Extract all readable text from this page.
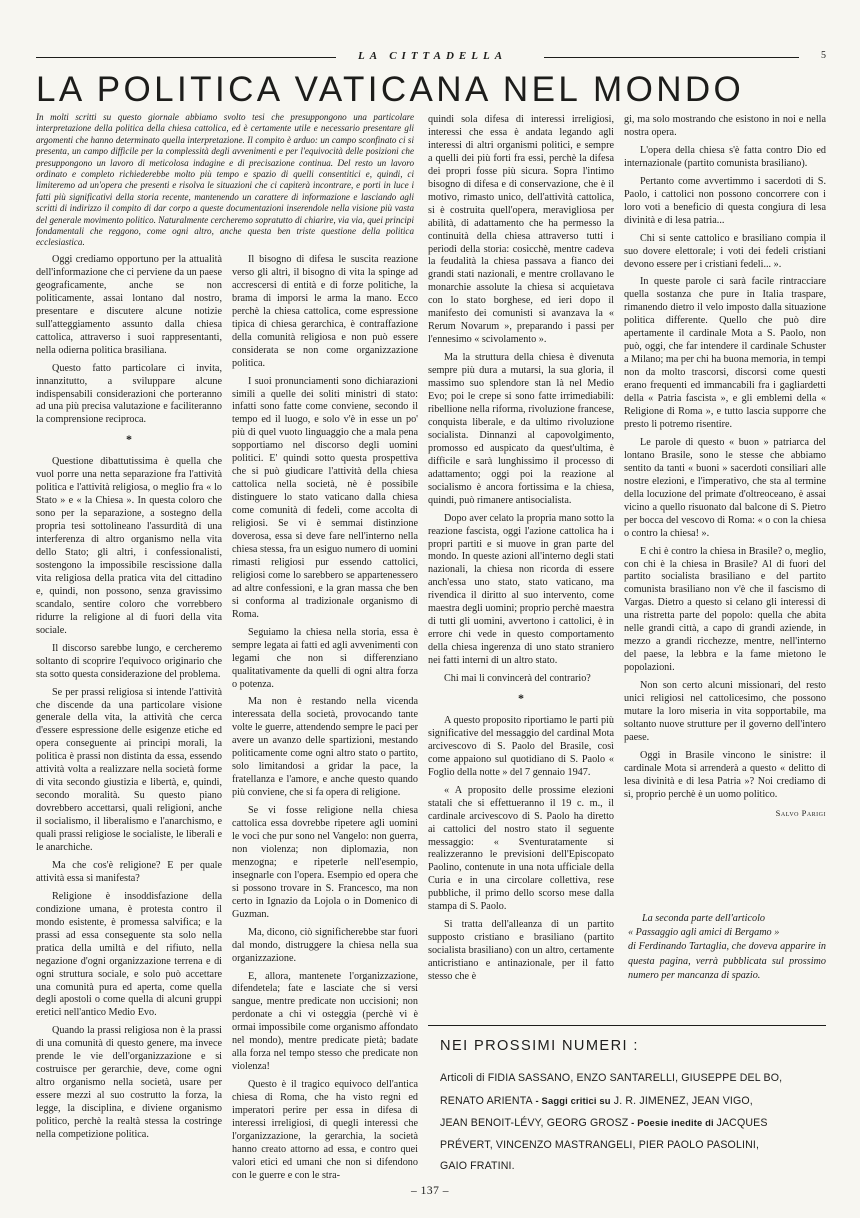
LA CITTADELLA	5
LA POLITICA VATICANA NEL MONDO
In molti scritti su questo giornale abbiamo svolto tesi che presuppongono una particolare interpretazione della politica della chiesa cattolica, ed è certamente utile e necessario presentare gli argomenti che hanno determinato quella interpretazione. Il compito è arduo: un campo sconfinato ci si presenta, un campo difficile per la complessità degli avvenimenti e per l'equivocità delle posizioni che presuppongono un lavoro di meticolosa indagine e di precisazione continua. Del resto un lavoro ordinato e completo richiederebbe molto più tempo e spazio di quelli consentitici e, quindi, ci limiteremo ad un'opera che presenti e risolva le situazioni che ci capiterà incontrare, e porti in luce i fatti più significativi della storia recente, mantenendo un carattere di informazione e lasciando agli scritti di indirizzo il compito di dar corpo a queste documentazioni inserendole nella visione più vasta del generale movimento politico. Naturalmente cercheremo sopratutto di chiarire, via via, quei principi fondamentali che reggono, come ogni altro, anche questa ben triste questione della politica ecclesiastica.

Oggi crediamo opportuno per la attualità dell'informazione che ci perviene da un paese geograficamente, anche se non politicamente, assai lontano dal nostro, presentare e discutere alcune notizie sull'atteggiamento assunto dalla chiesa cattolica, attraverso i suoi rappresentanti, nella odierna politica brasiliana.

Questo fatto particolare ci invita, innanzitutto, a sviluppare alcune indispensabili considerazioni che porteranno ad una più precisa valutazione e faciliteranno la comprensione reciproca.

*

Questione dibattutissima è quella che vuol porre una netta separazione fra l'attività politica e l'attività religiosa, o meglio fra « lo Stato » e « la Chiesa ». In questa coloro che sono per la separazione, a sostegno della propria tesi sottolineano l'assurdità di una interferenza di altro organismo nella vita dello Stato; gli altri, i confessionalisti, sostengono la impossibile rescissione dalla vita religiosa della pratica vita del cittadino e, quindi, non possono, senza gravissimo scandalo, sentire coloro che vorrebbero ridurre la religione al di fuori della vita sociale.

Il discorso sarebbe lungo, e cercheremo soltanto di scoprire l'equivoco originario che sta sotto questa considerazione del problema.

Se per prassi religiosa si intende l'attività che discende da una particolare visione generale della vita, la attività che cerca d'essere espressione delle esigenze etiche ed opera conseguente ai principi morali, la politica è prassi non distinta da essa, essendo attività volta a realizzare nella società forme di vita secondo giustizia e libertà, e, quindi, secondo moralità. Su questo piano dovrebbero accettarsi, quali religioni, anche il socialismo, il liberalismo e l'anarchismo, e quali prassi religiose le socialiste, le liberali e le anarchiche.

Ma che cos'è religione? E per quale attività essa si manifesta?

Religione è insoddisfazione della condizione umana, è protesta contro il mondo esistente, è promessa salvifica; e la prassi ad essa conseguente sta solo nella pratica della umiltà e del rifiuto, nella negazione d'ogni organizzazione terrena e di ogni struttura sociale, e solo può accettare una comunità pura ed aperta, come quella degli apostoli o come quella di alcuni gruppi eretici nell'antico Medio Evo.

Quando la prassi religiosa non è la prassi di una comunità di questo genere, ma invece prende le vie dell'organizzazione e si costruisce per gerarchie, deve, come ogni altro organismo nella società, usare per essere mezzi al suo costrutto la forza, la legge, la disciplina, e diviene organismo politico, perchè la realtà stessa la costringe nella competizione politica.

Il bisogno di difesa le suscita reazione verso gli altri, il bisogno di vita la spinge ad accrescersi di entità e di forze politiche, la brama di imporsi le arma la mano. Ecco perchè la chiesa cattolica, come espressione tipica di chiesa gerarchica, è contraffazione della comunità religiosa e non può essere considerata se non come organizzazione politica.

I suoi pronunciamenti sono dichiarazioni simili a quelle dei soliti ministri di stato: infatti sono fatte come conviene, secondo il tempo ed il luogo, e solo v'è in esse un po' più di quel vuoto linguaggio che a mala pena sopportiamo nel discorso degli uomini politici. E' quindi sotto questa prospettiva che si può giudicare l'attività della chiesa cattolica nella società, nè è possibile distinguere lo stato vaticano dalla chiesa come comunità di fedeli, come accolta di religiosi. Se vi è semmai distinzione doverosa, essa si deve fare nell'interno nella chiesa stessa, fra un esiguo numero di uomini rimasti religiosi pur essendo cattolici, religiosi come lo sarebbero se appartenessero ad altre confessioni, e la gran massa che ben si conforma al tradizionale organismo di Roma.

Seguiamo la chiesa nella storia, essa è sempre legata ai fatti ed agli avvenimenti con legami che non si differenziano qualitativamente da quelli di ogni altra forza o potenza.

Ma non è restando nella vicenda interessata della società, provocando tante volte le guerre, attendendo sempre le paci per avere un avanzo delle spartizioni, mestando politicamente come ogni altro stato o partito, solo limitandosi a gridar la pace, la fratellanza e l'amore, e anche questo quando più conviene, che si fa opera di religione.

Se vi fosse religione nella chiesa cattolica essa dovrebbe ripetere agli uomini le voci che pur sono nel Vangelo: non guerra, non violenza; non diplomazia, non menzogna; e ripeterle nell'esempio, insegnarle con l'opera. Esempio ed opera che si possono trovare in S. Francesco, ma non certo in Ignazio da Lojola o in Domenico di Guzman.

Ma, dicono, ciò significherebbe star fuori dal mondo, distruggere la chiesa nella sua organizzazione.

E, allora, mantenete l'organizzazione, difendetela; fate e lasciate che si versi sangue, mentre predicate non uccisioni; non perdonate a chi vi osteggia (perchè vi è ormai impossibile come organismo affondato nel mondo), mentre predicate pietà; badate alla forza nel tempo stesso che predicate non violenza!

Questo è il tragico equivoco dell'antica chiesa di Roma, che ha visto regni ed imperatori perire per essa in difesa di interessi irreligiosi, di quegli interessi che l'organizzazione, la gerarchia, la società hanno creato attorno ad essa, e contro quei valori etici ed umani che non si difendono con le guerre e con le stra-

quindi sola difesa di interessi irreligiosi, interessi che essa è andata legando agli interessi di altri organismi politici, e sempre a quelli dei più forti fra essi, perchè la difesa dei propri fosse più sicura. Sopra l'intimo bisogno di difesa e di conservazione, che è il motivo, rimasto unico, dell'attività cattolica, si è costruita quell'opera, meravigliosa per abilità, di adattamento che ha permesso la continuità della chiesa attraverso tutti i periodi della storia: cosicchè, mentre cadeva la feudalità la chiesa passava a fianco dei grandi stati nazionali, e mentre crollavano le monarchie assolute la chiesa si acquietava con lo stato borghese, ed ieri dopo il manifesto dei comunisti si avanzava la « Rerum Novarum », preparando i passi per l'ennesimo « scivolamento ».

Ma la struttura della chiesa è divenuta sempre più dura a mutarsi, la sua gloria, il massimo suo splendore stan là nel Medio Evo; poi le crepe si sono fatte irrimediabili: ribellione nella riforma, rivoluzione francese, conquista liberale, e da ultimo rivoluzione socialista. Dinnanzi al capovolgimento, promosso ed auspicato da quest'ultima, è difficile e sarà lunghissimo il processo di adattamento; oggi poi la reazione al socialismo è ancora fortissima e la chiesa, quindi, può rimanere antisocialista.

Dopo aver celato la propria mano sotto la reazione fascista, oggi l'azione cattolica ha i propri partiti e si muove in gran parte del mondo. In queste azioni all'interno degli stati nazionali, la chiesa non ricorda di essere anch'essa uno stato, stato vaticano, ma rivendica il diritto al suo intervento, come maestra degli uomini; proprio perchè maestra di tutti gli uomini, avvertono i cattolici, è in errore chi vede in questo comportamento della chiesa ingerenza di uno stato straniero nei fatti interni di un altro stato.

Chi mai li convincerà del contrario?

*

A questo proposito riportiamo le parti più significative del messaggio del cardinal Mota arcivescovo di S. Paolo del Brasile, così come appaiono sul quotidiano di S. Paolo « Foglio della notte » del 7 gennaio 1947.

« A proposito delle prossime elezioni statali che si effettueranno il 19 c. m., il cardinale arcivescovo di S. Paolo ha diretto ai cattolici del nostro stato il seguente messaggio: « Sventuratamente si realizzeranno le previsioni dell'Episcopato Paolino, contenute in una nota ufficiale della Curia e in una circolare collettiva, rese pubbliche, il primo dello scorso mese dalla stampa di S. Paolo.

Si tratta dell'alleanza di un partito supposto cristiano e brasiliano (partito socialista brasiliano) con un altro, certamente anticristiano e antinazionale, per il fatto stesso che è

gi, ma solo mostrando che esistono in noi e nella nostra opera.

L'opera della chiesa s'è fatta contro Dio ed internazionale (partito comunista brasiliano).

Pertanto come avvertimmo i sacerdoti di S. Paolo, i cattolici non possono concorrere con i loro voti a beneficio di questa congiura di lesa divinità e di lesa patria...

Chi si sente cattolico e brasiliano compia il suo dovere elettorale; i voti dei fedeli cristiani devono essere per i cristiani fedeli... ».

In queste parole ci sarà facile rintracciare quella sostanza che pure in Italia traspare, rimanendo dietro il velo imposto dalla situazione politica differente. Quello che può dire apertamente il cardinale Mota a S. Paolo, non può, oggi, che far intendere il cardinale Schuster a Milano; ma per chi ha buona memoria, in tempi non da molto trascorsi, discorsi come questi erano frequenti ed immancabili fra i gagliardetti della « Patria fascista », e gli emblemi della « Religione di Roma », e tutto lascia supporre che presto li potremo risentire.

Le parole di questo « buon » patriarca del lontano Brasile, sono le stesse che abbiamo sentito da tanti « buoni » sacerdoti consiliari alle nostre elezioni, e l'imperativo, che sta al termine della locuzione del primate d'oltreoceano, è assai vicino a quello risuonato dal balcone di S. Pietro per bocca del vescovo di Roma: « o con la chiesa o contro la chiesa! ».

E chi è contro la chiesa in Brasile? o, meglio, con chi è la chiesa in Brasile? Al di fuori del partito socialista brasiliano e del partito comunista brasiliano non v'è che il fascismo di Vargas. Dietro a questo si celano gli interessi di una ristretta parte del popolo: quella che abita nelle grandi città, a capo di grandi aziende, in mezzo a grandi ricchezze, mentre, nell'interno del paese, la lebbra e la fame mietono le popolazioni.

Non son certo alcuni missionari, del resto unici religiosi nel cattolicesimo, che possono mutare la loro miseria in vita sopportabile, ma soltanto nuove strutture per il governo dell'intero paese.

Oggi in Brasile vincono le sinistre: il cardinale Mota si arrenderà a questo « delitto di lesa divinità e di lesa Patria »? Noi crediamo di sì, proprio perchè è un uomo politico.

Salvo Parigi
La seconda parte dell'articolo
« Passaggio agli amici di Bergamo »
di Ferdinando Tartaglia, che doveva apparire in questa pagina, verrà pubblicata sul prossimo numero per mancanza di spazio.
NEI PROSSIMI NUMERI :
Articoli di FIDIA SASSANO, ENZO SANTARELLI, GIUSEPPE DEL BO,
RENATO ARIENTA - Saggi critici su J. R. JIMENEZ, JEAN VIGO,
JEAN BENOIT-LÉVY, GEORG GROSZ - Poesie inedite di JACQUES
PRÉVERT, VINCENZO MASTRANGELI, PIER PAOLO PASOLINI,
GAIO FRATINI.
– 137 –
